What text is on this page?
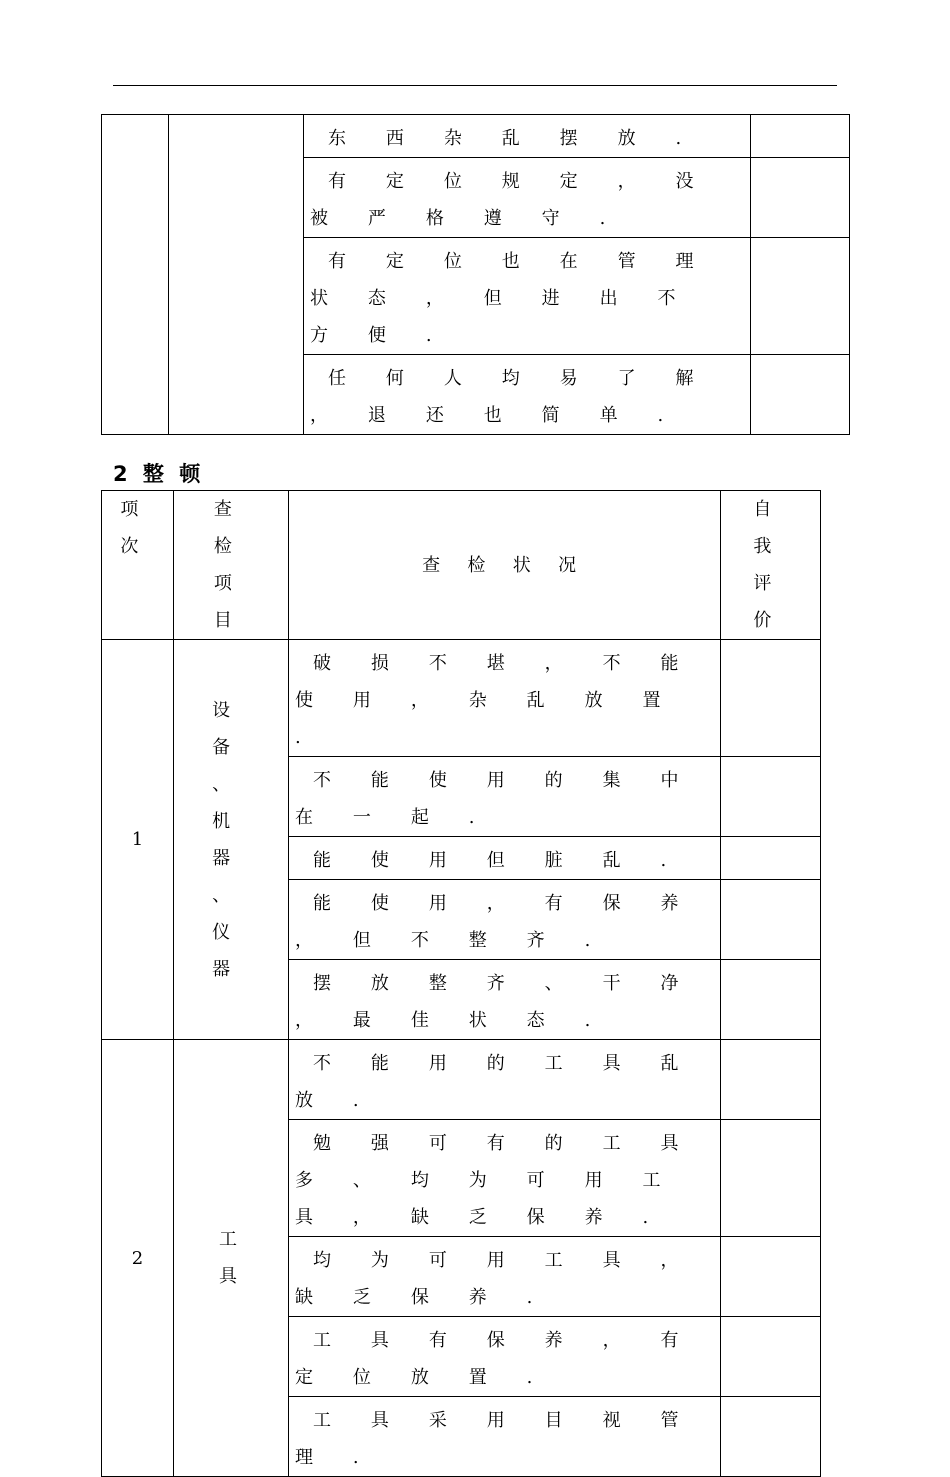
		东 西 杂 乱 摆 放 .	

		有 定 位 规 定 ， 没 被 严 格 遵 守 .	

		有 定 位 也 在 管 理 状 态 ， 但 进 出 不 方 便 .	

		任 何 人 均 易 了 解 ， 退 还 也 简 单 .	

2 整 顿
项 次	查 检 项 目	查 检 状 况	自 我 评 价

1	设 备 、 机 器 、 仪 器	破 损 不 堪 ， 不 能 使 用 ， 杂 乱 放 置 .	

		不 能 使 用 的 集 中 在 一 起 .	

		能 使 用 但 脏 乱 .	

		能 使 用 ， 有 保 养 ， 但 不 整 齐 .	

		摆 放 整 齐 、 干 净 ， 最 佳 状 态 .	

2	工 具	不 能 用 的 工 具 乱 放 .	

		勉 强 可 有 的 工 具 多 、 均 为 可 用 工 具 ， 缺 乏 保 养 .	

		均 为 可 用 工 具 ， 缺 乏 保 养 .	

		工 具 有 保 养 ， 有 定 位 放 置 .	

		工 具 采 用 目 视 管 理 .	
